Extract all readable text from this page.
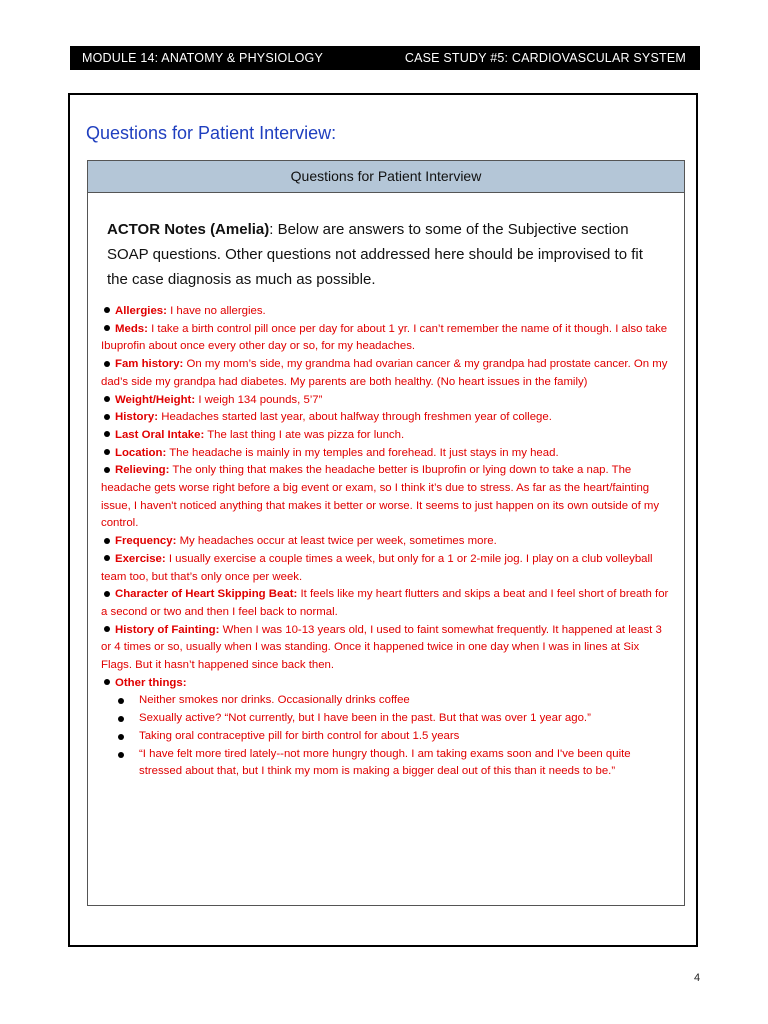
MODULE 14: ANATOMY & PHYSIOLOGY	CASE STUDY #5: CARDIOVASCULAR SYSTEM
Questions for Patient Interview:
Questions for Patient Interview
ACTOR Notes (Amelia): Below are answers to some of the Subjective section SOAP questions. Other questions not addressed here should be improvised to fit the case diagnosis as much as possible.

Allergies: I have no allergies.

Meds: I take a birth control pill once per day for about 1 yr. I can’t remember the name of it though. I also take Ibuprofin about once every other day or so, for my headaches.

Fam history: On my mom’s side, my grandma had ovarian cancer & my grandpa had prostate cancer. On my dad’s side my grandpa had diabetes. My parents are both healthy. (No heart issues in the family)

Weight/Height: I weigh 134 pounds, 5’7”

History: Headaches started last year, about halfway through freshmen year of college.

Last Oral Intake: The last thing I ate was pizza for lunch.

Location: The headache is mainly in my temples and forehead. It just stays in my head.

Relieving: The only thing that makes the headache better is Ibuprofin or lying down to take a nap. The headache gets worse right before a big event or exam, so I think it’s due to stress. As far as the heart/fainting issue, I haven't noticed anything that makes it better or worse. It seems to just happen on its own outside of my control.

Frequency: My headaches occur at least twice per week, sometimes more.

Exercise: I usually exercise a couple times a week, but only for a 1 or 2-mile jog. I play on a club volleyball team too, but that’s only once per week.

Character of Heart Skipping Beat: It feels like my heart flutters and skips a beat and I feel short of breath for a second or two and then I feel back to normal.

History of Fainting: When I was 10-13 years old, I used to faint somewhat frequently. It happened at least 3 or 4 times or so, usually when I was standing. Once it happened twice in one day when I was in lines at Six Flags. But it hasn’t happened since back then.

Other things:

Neither smokes nor drinks. Occasionally drinks coffee
Sexually active? “Not currently, but I have been in the past. But that was over 1 year ago.”
Taking oral contraceptive pill for birth control for about 1.5 years
“I have felt more tired lately--not more hungry though. I am taking exams soon and I've been quite stressed about that, but I think my mom is making a bigger deal out of this than it needs to be.”
4
